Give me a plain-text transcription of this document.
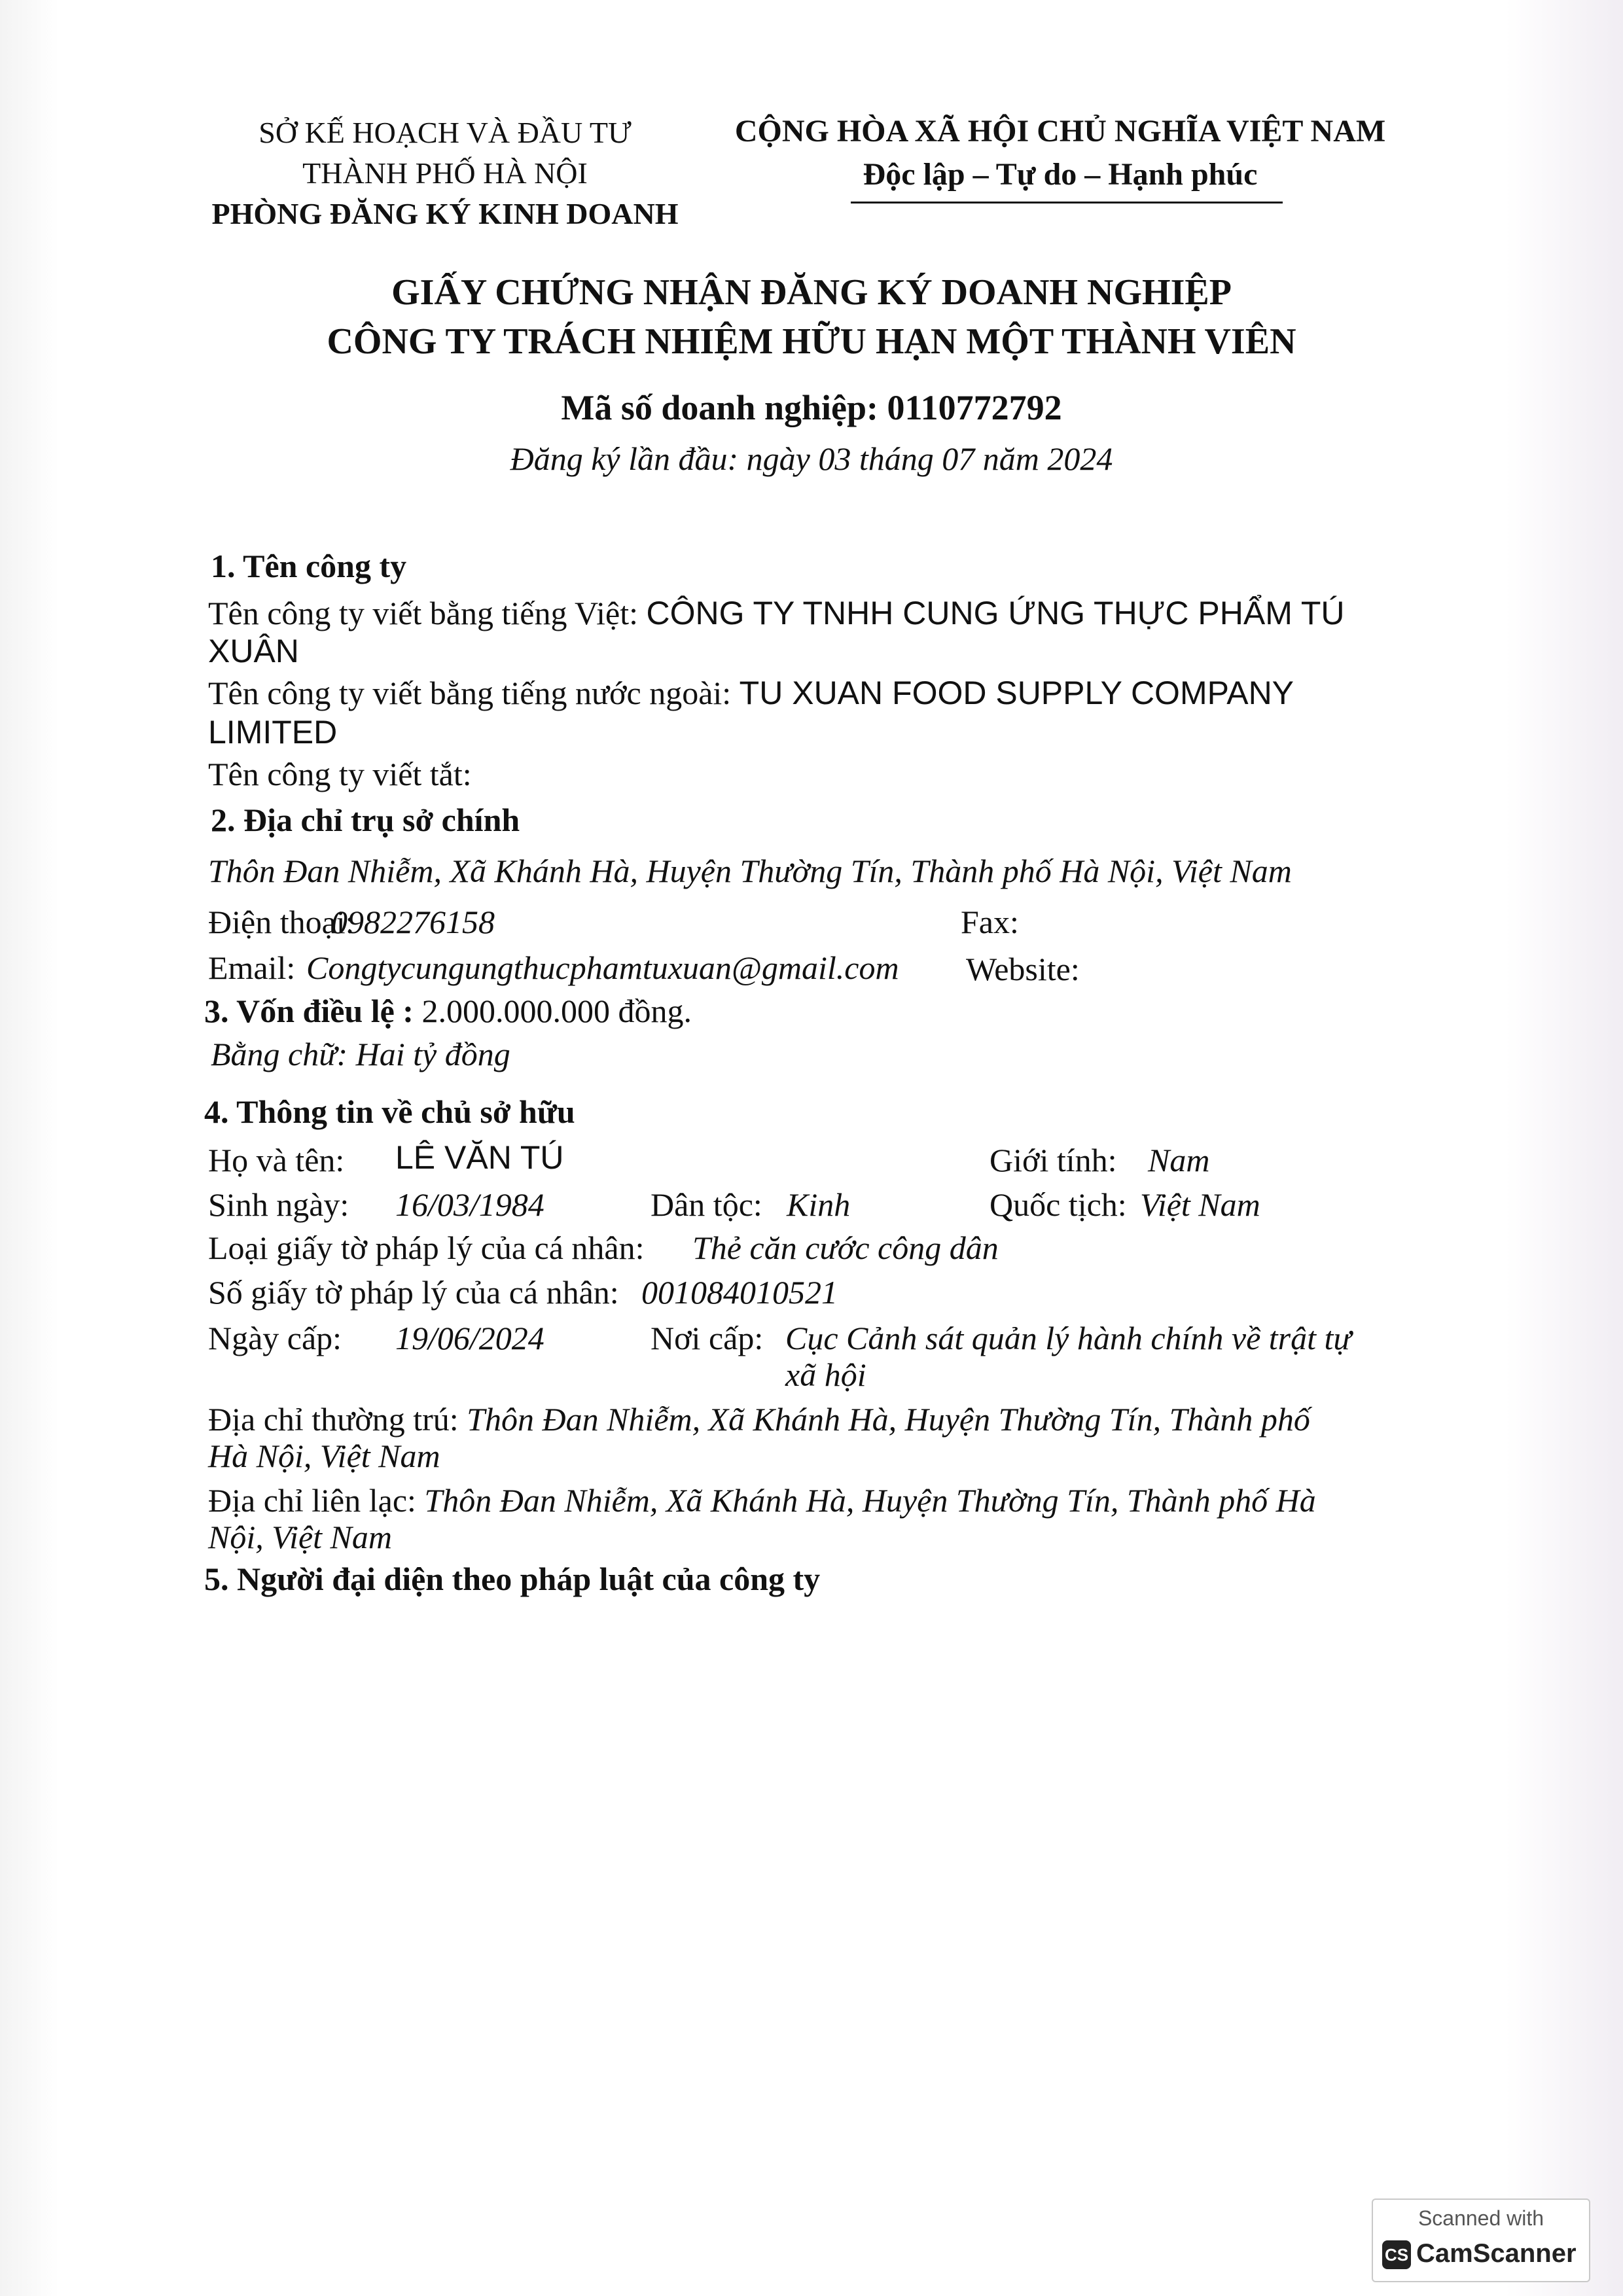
SỞ KẾ HOẠCH VÀ ĐẦU TƯ
THÀNH PHỐ HÀ NỘI
PHÒNG ĐĂNG KÝ KINH DOANH
CỘNG HÒA XÃ HỘI CHỦ NGHĨA VIỆT NAM
Độc lập – Tự do – Hạnh phúc
GIẤY CHỨNG NHẬN ĐĂNG KÝ DOANH NGHIỆP
CÔNG TY TRÁCH NHIỆM HỮU HẠN MỘT THÀNH VIÊN
Mã số doanh nghiệp: 0110772792
Đăng ký lần đầu: ngày 03 tháng 07 năm 2024
1. Tên công ty
Tên công ty viết bằng tiếng Việt: CÔNG TY TNHH CUNG ỨNG THỰC PHẨM TÚ
XUÂN
Tên công ty viết bằng tiếng nước ngoài: TU XUAN FOOD SUPPLY COMPANY
LIMITED
Tên công ty viết tắt:
2. Địa chỉ trụ sở chính
Thôn Đan Nhiễm, Xã Khánh Hà, Huyện Thường Tín, Thành phố Hà Nội, Việt Nam
Điện thoại:
0982276158	Fax:
Email: Congtycungungthucphamtuxuan@gmail.com Website:
3. Vốn điều lệ : 2.000.000.000 đồng.
Bằng chữ: Hai tỷ đồng
4. Thông tin về chủ sở hữu
Họ và tên: LÊ VĂN TÚ	Giới tính: Nam
Sinh ngày: 16/03/1984	Dân tộc: Kinh	Quốc tịch: Việt Nam
Loại giấy tờ pháp lý của cá nhân: Thẻ căn cước công dân
Số giấy tờ pháp lý của cá nhân: 001084010521
Ngày cấp: 19/06/2024	Nơi cấp: Cục Cảnh sát quản lý hành chính về trật tự
xã hội
Địa chỉ thường trú: Thôn Đan Nhiễm, Xã Khánh Hà, Huyện Thường Tín, Thành phố
Hà Nội, Việt Nam
Địa chỉ liên lạc: Thôn Đan Nhiễm, Xã Khánh Hà, Huyện Thường Tín, Thành phố Hà
Nội, Việt Nam
5. Người đại diện theo pháp luật của công ty
Scanned with
CS CamScanner
